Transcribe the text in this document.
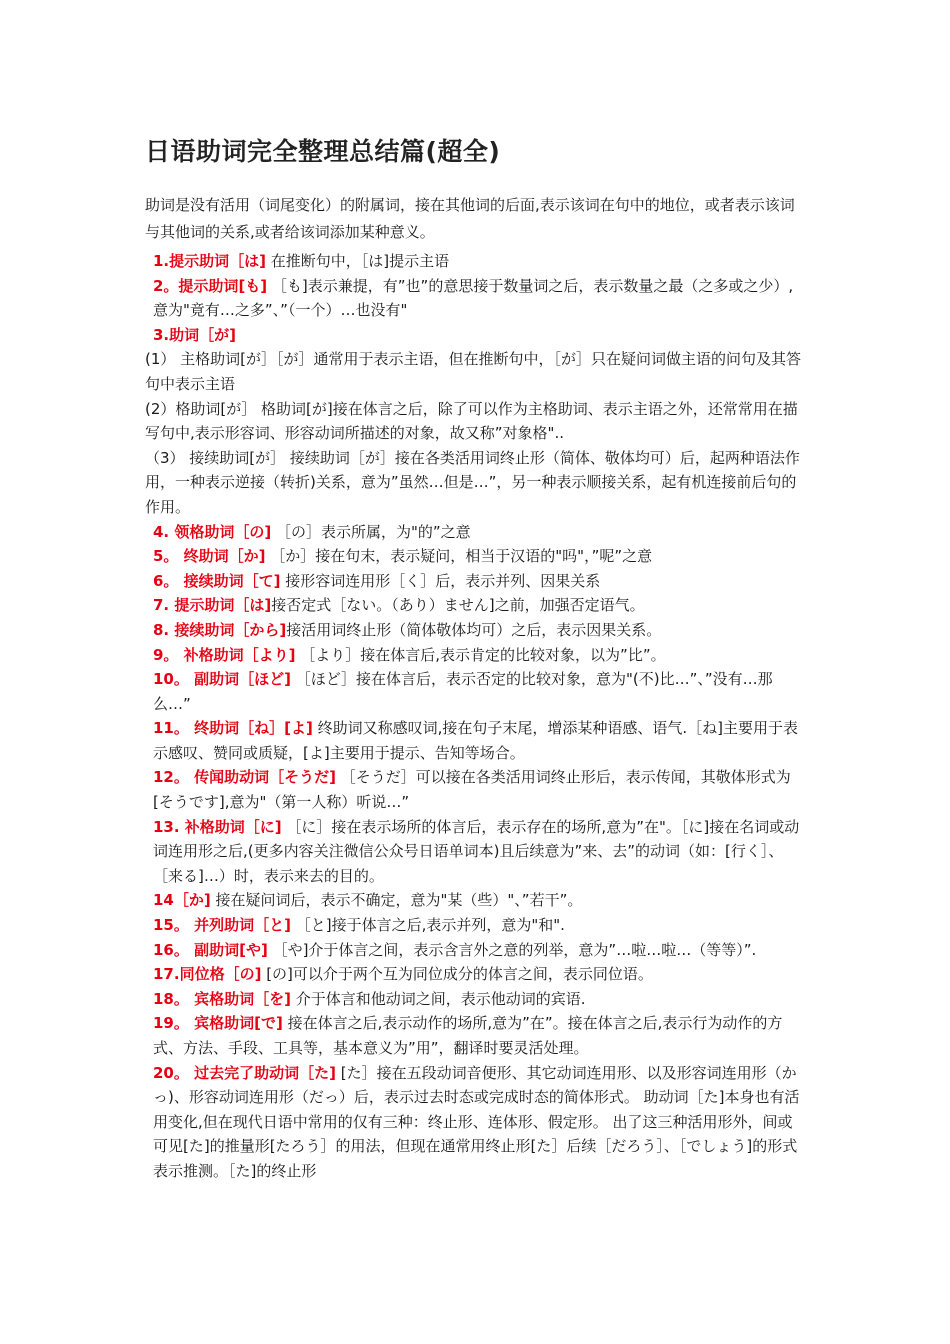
日语助词完全整理总结篇(超全)
助词是没有活用（词尾变化）的附属词，接在其他词的后面,表示该词在句中的地位，或者表示该词与其他词的关系,或者给该词添加某种意义。
1.提示助词［は] 在推断句中，［は]提示主语
2。提示助词[も] ［も]表示兼提，有”也”的意思接于数量词之后，表示数量之最（之多或之少）,意为"竟有…之多”、”（一个）…也没有"
3.助词［が]
(1） 主格助词[が］［が］通常用于表示主语，但在推断句中，［が］只在疑问词做主语的问句及其答句中表示主语
(2）格助词[が］ 格助词[が]接在体言之后，除了可以作为主格助词、表示主语之外，还常常用在描写句中,表示形容词、形容动词所描述的对象，故又称”对象格"..
（3） 接续助词[が］ 接续助词［が］接在各类活用词终止形（简体、敬体均可）后，起两种语法作用，一种表示逆接（转折)关系，意为”虽然…但是…”，另一种表示顺接关系，起有机连接前后句的作用。
4. 领格助词［の] ［の］表示所属，为"的”之意
5。 终助词［か] ［か］接在句末，表示疑问，相当于汉语的"吗"，”呢”之意
6。 接续助词［て] 接形容词连用形［く］后，表示并列、因果关系
7. 提示助词［は]接否定式［ない。（あり）ません]之前，加强否定语气。
8. 接续助词［から]接活用词终止形（简体敬体均可）之后，表示因果关系。
9。 补格助词［より] ［より］接在体言后,表示肯定的比较对象，以为”比”。
10。 副助词［ほど] ［ほど］接在体言后，表示否定的比较对象，意为"(不)比…”、”没有…那么…”
11。 终助词［ね］[よ] 终助词又称感叹词,接在句子末尾，增添某种语感、语气.［ね]主要用于表示感叹、赞同或质疑，[よ]主要用于提示、告知等场合。
12。 传闻助动词［そうだ] ［そうだ］可以接在各类活用词终止形后，表示传闻，其敬体形式为[そうです],意为"（第一人称）听说…”
13. 补格助词［に] ［に］接在表示场所的体言后，表示存在的场所,意为”在"。［に]接在名词或动词连用形之后,(更多内容关注微信公众号日语单词本)且后续意为”来、去”的动词（如：[行く］、［来る]…）时，表示来去的目的。
14［か] 接在疑问词后，表示不确定，意为"某（些）"、”若干”。
15。 并列助词［と] ［と]接于体言之后,表示并列，意为"和".
16。 副助词[や] ［や]介于体言之间，表示含言外之意的列举，意为”…啦…啦…（等等）”.
17.同位格［の] [の]可以介于两个互为同位成分的体言之间，表示同位语。
18。 宾格助词［を] 介于体言和他动词之间，表示他动词的宾语.
19。 宾格助词[で] 接在体言之后,表示动作的场所,意为”在”。接在体言之后,表示行为动作的方式、方法、手段、工具等，基本意义为”用”，翻译时要灵活处理。
20。 过去完了助动词［た] [た］接在五段动词音便形、其它动词连用形、以及形容词连用形（かっ)、形容动词连用形（だっ）后，表示过去时态或完成时态的简体形式。 助动词［た]本身也有活用变化,但在现代日语中常用的仅有三种：终止形、连体形、假定形。 出了这三种活用形外，间或可见[た]的推量形[たろう］的用法，但现在通常用终止形[た］后续［だろう］、［でしょう]的形式表示推测。［た]的终止形
